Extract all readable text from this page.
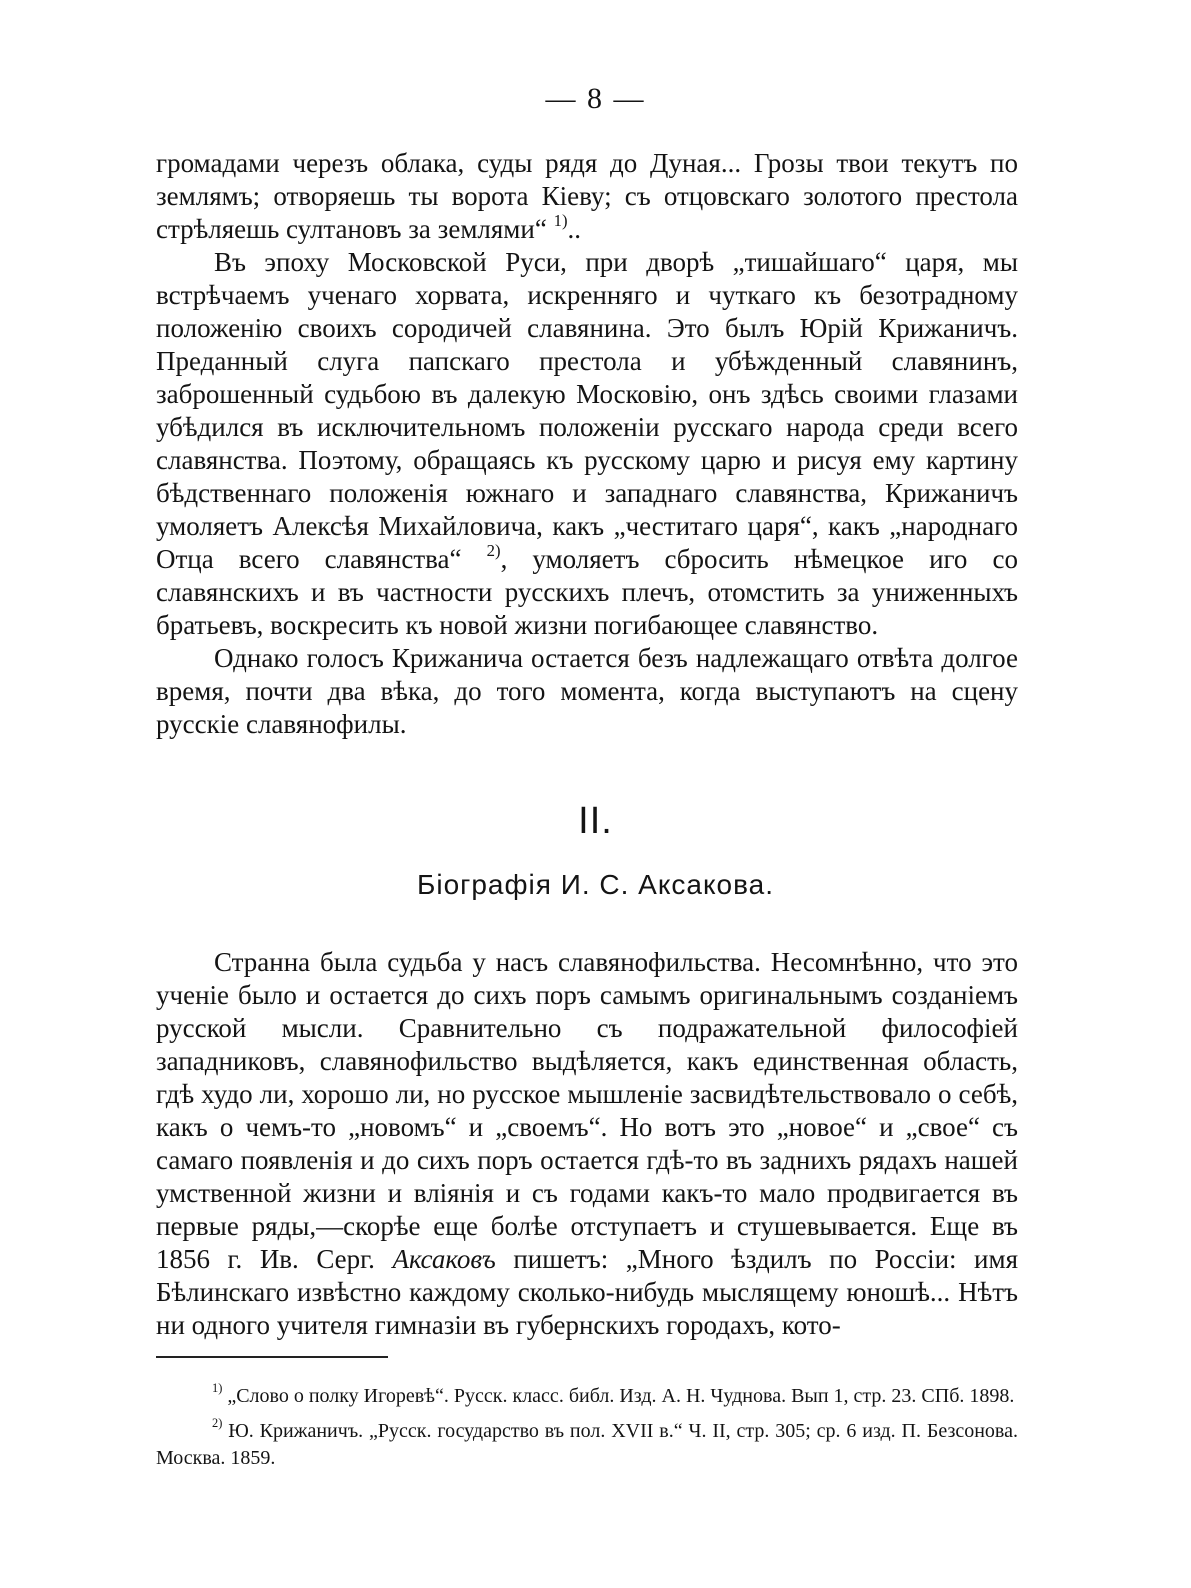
— 8 —

громадами черезъ облака, суды рядя до Дуная... Грозы твои текутъ по землямъ; отворяешь ты ворота Кіеву; съ отцовскаго золотого престола стрѣляешь султановъ за землями“ $^{1)}$..

Въ эпоху Московской Руси, при дворѣ „тишайшаго“ царя, мы встрѣчаемъ ученаго хорвата, искренняго и чуткаго къ безотрадному положенію своихъ сородичей славянина. Это былъ Юрій Крижаничъ. Преданный слуга папскаго престола и убѣжденный славянинъ, заброшенный судьбою въ далекую Московію, онъ здѣсь своими глазами убѣдился въ исключительномъ положеніи русскаго народа среди всего славянства. Поэтому, обращаясь къ русскому царю и рисуя ему картину бѣдственнаго положенія южнаго и западнаго славянства, Крижаничъ умоляетъ Алексѣя Михайловича, какъ „честитаго царя“, какъ „народнаго Отца всего славянства“ $^{2)}$, умоляетъ сбросить нѣмецкое иго со славянскихъ и въ частности русскихъ плечъ, отомстить за униженныхъ братьевъ, воскресить къ новой жизни погибающее славянство.

Однако голосъ Крижанича остается безъ надлежащаго отвѣта долгое время, почти два вѣка, до того момента, когда выступаютъ на сцену русскіе славянофилы.

II.
Біографія И. С. Аксакова.

Странна была судьба у насъ славянофильства. Несомнѣнно, что это ученіе было и остается до сихъ поръ самымъ оригинальнымъ созданіемъ русской мысли. Сравнительно съ подражательной философіей западниковъ, славянофильство выдѣляется, какъ единственная область, гдѣ худо ли, хорошо ли, но русское мышленіе засвидѣтельствовало о себѣ, какъ о чемъ-то „новомъ“ и „своемъ“. Но вотъ это „новое“ и „свое“ съ самаго появленія и до сихъ поръ остается гдѣ-то въ заднихъ рядахъ нашей умственной жизни и вліянія и съ годами какъ-то мало продвигается въ первые ряды,—скорѣе еще болѣе отступаетъ и стушевывается. Еще въ 1856 г. Ив. Серг. Аксаковъ пишетъ: „Много ѣздилъ по Россіи: имя Бѣлинскаго извѣстно каждому сколько-нибудь мыслящему юношѣ... Нѣтъ ни одного учителя гимназіи въ губернскихъ городахъ, кото-

$^{1)}$ „Слово о полку Игоревѣ“. Русск. класс. библ. Изд. А. Н. Чуднова. Вып 1, стр. 23. СПб. 1898.

$^{2)}$ Ю. Крижаничъ. „Русск. государство въ пол. XVII в.“ Ч. II, стр. 305; ср. 6 изд. П. Безсонова. Москва. 1859.
